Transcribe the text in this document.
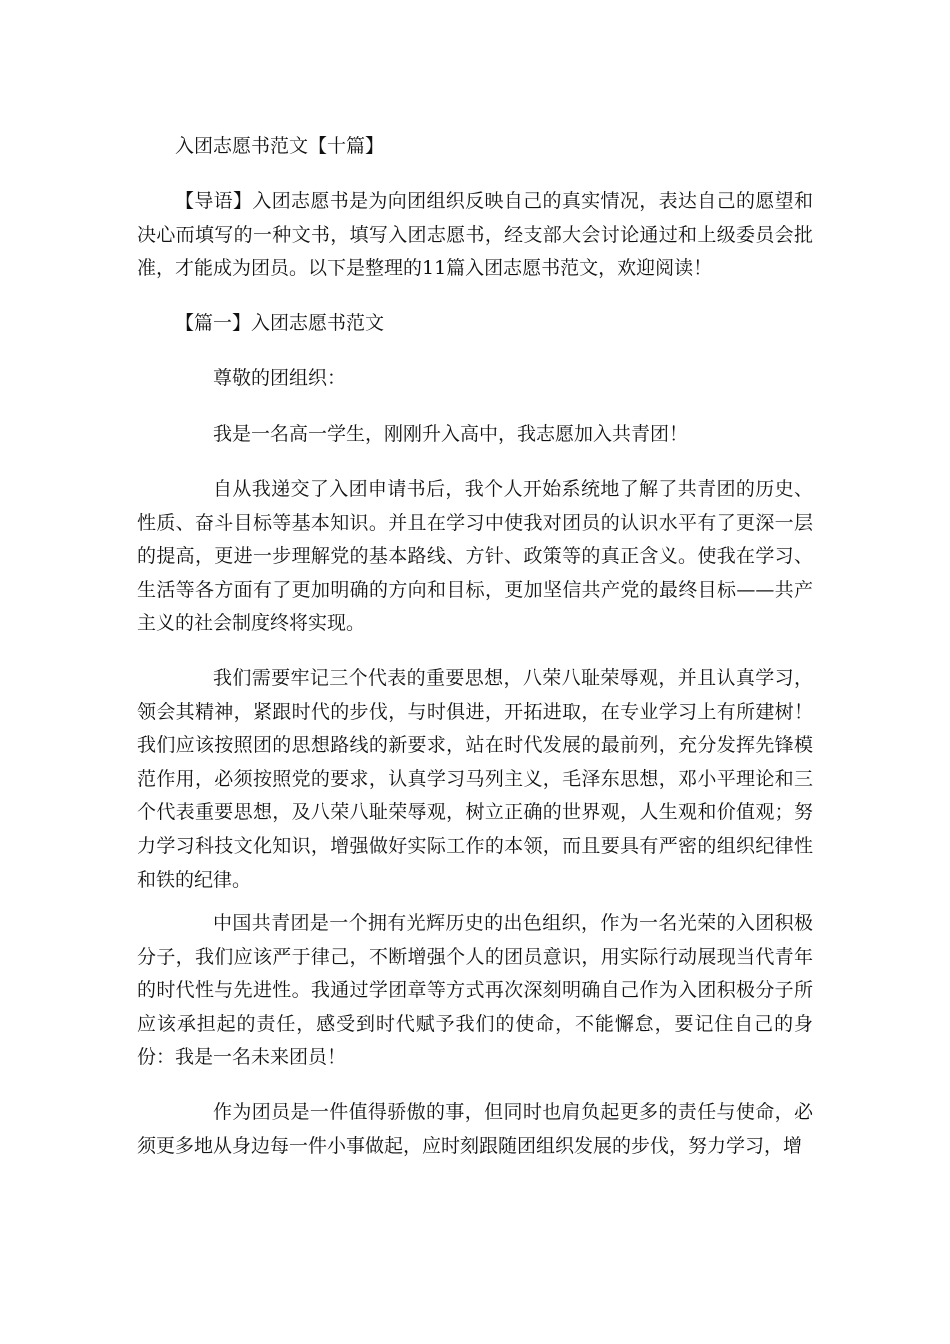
入团志愿书范文【十篇】

【导语】入团志愿书是为向团组织反映自己的真实情况，表达自己的愿望和决心而填写的一种文书，填写入团志愿书，经支部大会讨论通过和上级委员会批准，才能成为团员。以下是整理的11篇入团志愿书范文，欢迎阅读！

【篇一】入团志愿书范文

尊敬的团组织：

我是一名高一学生，刚刚升入高中，我志愿加入共青团！

自从我递交了入团申请书后，我个人开始系统地了解了共青团的历史、性质、奋斗目标等基本知识。并且在学习中使我对团员的认识水平有了更深一层的提高，更进一步理解党的基本路线、方针、政策等的真正含义。使我在学习、生活等各方面有了更加明确的方向和目标，更加坚信共产党的最终目标——共产主义的社会制度终将实现。

我们需要牢记三个代表的重要思想，八荣八耻荣辱观，并且认真学习，领会其精神，紧跟时代的步伐，与时俱进，开拓进取，在专业学习上有所建树！我们应该按照团的思想路线的新要求，站在时代发展的最前列，充分发挥先锋模范作用，必须按照党的要求，认真学习马列主义，毛泽东思想，邓小平理论和三个代表重要思想，及八荣八耻荣辱观，树立正确的世界观，人生观和价值观；努力学习科技文化知识，增强做好实际工作的本领，而且要具有严密的组织纪律性和铁的纪律。

中国共青团是一个拥有光辉历史的出色组织，作为一名光荣的入团积极分子，我们应该严于律己，不断增强个人的团员意识，用实际行动展现当代青年的时代性与先进性。我通过学团章等方式再次深刻明确自己作为入团积极分子所应该承担起的责任，感受到时代赋予我们的使命，不能懈怠，要记住自己的身份：我是一名未来团员！

作为团员是一件值得骄傲的事，但同时也肩负起更多的责任与使命，必须更多地从身边每一件小事做起，应时刻跟随团组织发展的步伐，努力学习，增
